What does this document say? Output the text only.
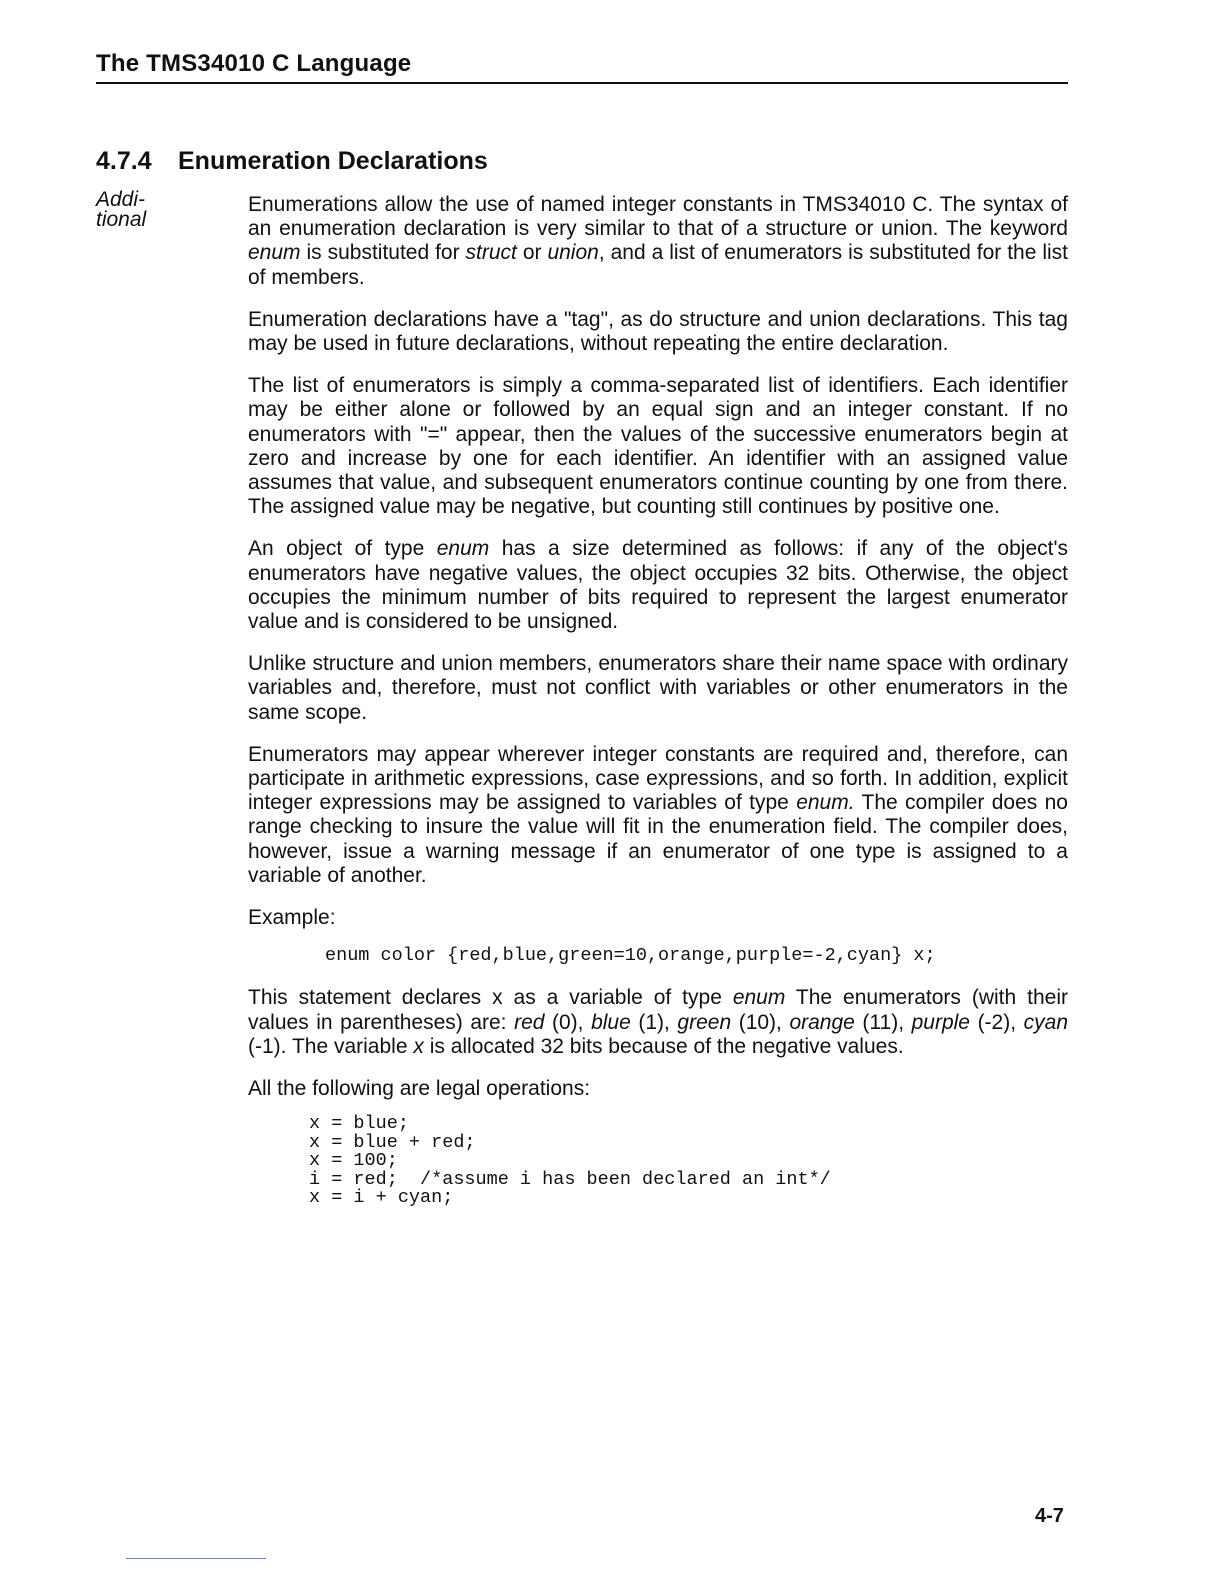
The TMS34010 C Language
4.7.4 Enumeration Declarations
Addi-
tional

Enumerations allow the use of named integer constants in TMS34010 C. The syntax of an enumeration declaration is very similar to that of a structure or union. The keyword enum is substituted for struct or union, and a list of enumerators is substituted for the list of members.

Enumeration declarations have a "tag", as do structure and union declarations. This tag may be used in future declarations, without repeating the entire declaration.

The list of enumerators is simply a comma-separated list of identifiers. Each identifier may be either alone or followed by an equal sign and an integer constant. If no enumerators with "=" appear, then the values of the successive enumerators begin at zero and increase by one for each identifier. An identifier with an assigned value assumes that value, and subsequent enumerators continue counting by one from there. The assigned value may be negative, but counting still continues by positive one.

An object of type enum has a size determined as follows: if any of the object's enumerators have negative values, the object occupies 32 bits. Otherwise, the object occupies the minimum number of bits required to represent the largest enumerator value and is considered to be unsigned.

Unlike structure and union members, enumerators share their name space with ordinary variables and, therefore, must not conflict with variables or other enumerators in the same scope.

Enumerators may appear wherever integer constants are required and, therefore, can participate in arithmetic expressions, case expressions, and so forth. In addition, explicit integer expressions may be assigned to variables of type enum. The compiler does no range checking to insure the value will fit in the enumeration field. The compiler does, however, issue a warning message if an enumerator of one type is assigned to a variable of another.

Example:

enum color {red,blue,green=10,orange,purple=-2,cyan} x;

This statement declares x as a variable of type enum The enumerators (with their values in parentheses) are: red (0), blue (1), green (10), orange (11), purple (-2), cyan (-1). The variable x is allocated 32 bits because of the negative values.

All the following are legal operations:

x = blue;
x = blue + red;
x = 100;
i = red;  /*assume i has been declared an int*/
x = i + cyan;
4-7
